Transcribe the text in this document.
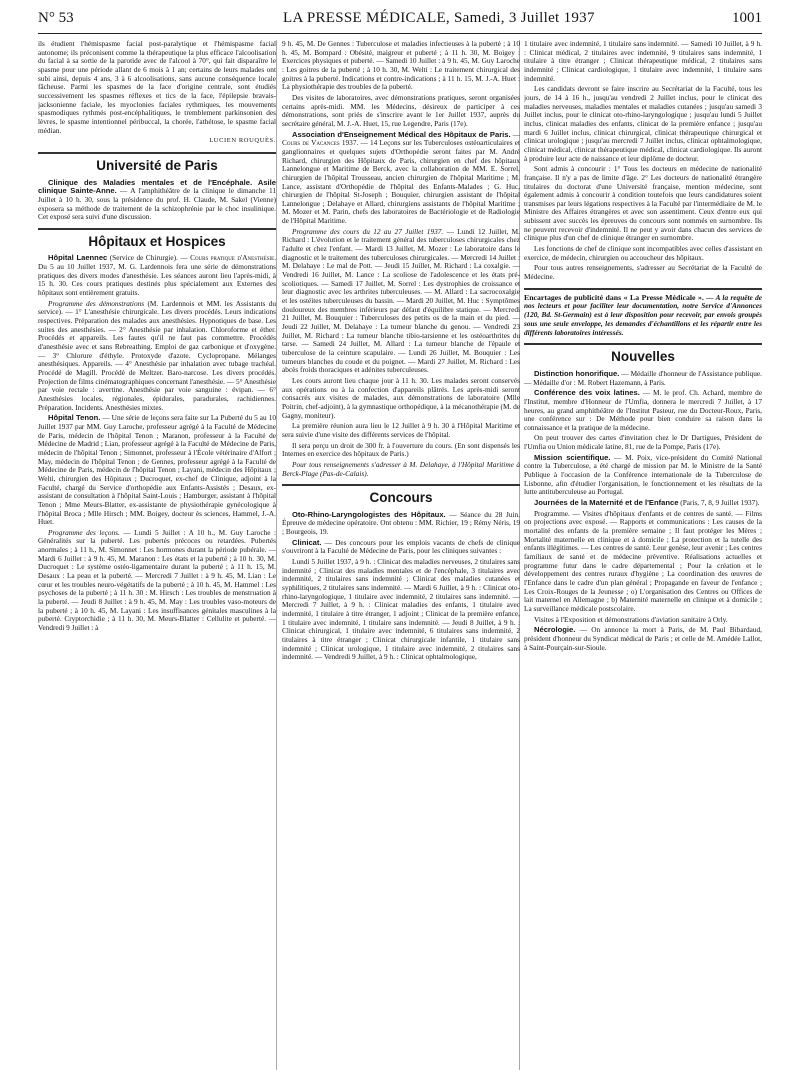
N° 53	LA PRESSE MÉDICALE, Samedi, 3 Juillet 1937	1001

ils étudient l'hémispasme facial post-paralytique et l'hémispasme facial autonome; ils préconisent comme la thérapeutique la plus efficace l'alcoolisation du facial à sa sortie de la parotide avec de l'alcool à 70°, qui fait disparaître le spasme pour une période allant de 6 mois à 1 an; certains de leurs malades ont subi ainsi, depuis 4 ans, 3 à 6 alcoolisations, sans aucune conséquence locale fâcheuse. Parmi les spasmes de la face d'origine centrale, sont étudiés successivement les spasmes réflexes et tics de la face, l'épilepsie bravais-jacksonienne faciale, les myoclonies faciales rythmiques, les mouvements spasmodiques rythmés post-encéphalitiques, le tremblement parkinsonien des lèvres, le spasme intentionnel péribuccal, la chorée, l'athétose, le spasme facial médian.

LUCIEN ROUQUÈS.
Université de Paris

Clinique des Maladies mentales et de l'Encéphale. Asile clinique Sainte-Anne. — A l'amphithéâtre de la clinique le dimanche 11 Juillet à 10 h. 30, sous la présidence du prof. H. Claude, M. Sakel (Vienne) exposera sa méthode de traitement de la schizophrénie par le choc insulinique. Cet exposé sera suivi d'une discussion.

Hôpitaux et Hospices

Hôpital Laennec (Service de Chirurgie). — Cours pratique d'Anesthésie. Du 5 au 10 Juillet 1937, M. G. Lardennois fera une série de démonstrations pratiques des divers modes d'anesthésie. Les séances auront lieu l'après-midi, à 15 h. 30. Ces cours pratiques destinés plus spécialement aux Externes des hôpitaux sont entièrement gratuits.

Programme des démonstrations (M. Lardennois et MM. les Assistants du service). — 1° L'anesthésie chirurgicale. Les divers procédés. Leurs indications respectives. Préparation des malades aux anesthésies. Hypnotiques de base. Les suites des anesthésies. — 2° Anesthésie par inhalation. Chloroforme et éther. Procédés et appareils. Les fautes qu'il ne faut pas commettre. Procédés d'anesthésie avec et sans Rebreathing. Emploi de gaz carbonique et d'oxygène. — 3° Chlorure d'éthyle. Protoxyde d'azote. Cyclopropane. Mélanges anesthésiques. Appareils. — 4° Anesthésie par inhalation avec tubage trachéal. Procédé de Magill. Procédé de Meltzer. Baro-narcose. Les divers procédés. Projection de films cinématographiques concernant l'anesthésie. — 5° Anesthésie par voie rectale : avertine. Anesthésie par voie sanguine : évipan. — 6° Anesthésies locales, régionales, épidurales, paradurales, rachidiennes. Préparation. Incidents. Anesthésies mixtes.

Hôpital Tenon. — Une série de leçons sera faite sur La Puberté du 5 au 10 Juillet 1937 par MM. Guy Laroche, professeur agrégé à la Faculté de Médecine de Paris, médecin de l'hôpital Tenon ; Maranon, professeur à la Faculté de Médecine de Madrid ; Lian, professeur agrégé à la Faculté de Médecine de Paris, médecin de l'hôpital Tenon ; Simonnet, professeur à l'École vétérinaire d'Alfort ; May, médecin de l'hôpital Tenon ; de Gennes, professeur agrégé à la Faculté de Médecine de Paris, médecin de l'hôpital Tenon ; Layani, médecin des Hôpitaux ; Welti, chirurgien des Hôpitaux ; Ducroquet, ex-chef de Clinique, adjoint à la Faculté, chargé du Service d'orthopédie aux Enfants-Assistés ; Desaux, ex-assistant de consultation à l'hôpital Saint-Louis ; Hamburger, assistant à l'hôpital Tenon ; Mme Meurs-Blatter, ex-assistante de physiothérapie gynécologique à l'hôpital Broca ; Mlle Hirsch ; MM. Boigey, docteur ès sciences, Hammel, J.-A. Huet.

Programme des leçons. — Lundi 5 Juillet : A 10 h., M. Guy Laroche : Généralités sur la puberté. Les pubertés précoces ou retardées. Pubertés anormales ; à 11 h., M. Simonnet : Les hormones durant la période pubérale. — Mardi 6 Juillet : à 9 h. 45, M. Maranon : Les états et la puberté ; à 10 h. 30, M. Ducroquet : Le système ostéo-ligamentaire durant la puberté ; à 11 h. 15, M. Desaux : La peau et la puberté. — Mercredi 7 Juillet : à 9 h. 45, M. Lian : Le cœur et les troubles neuro-végétatifs de la puberté ; à 10 h. 45, M. Hammel : Les psychoses de la puberté ; à 11 h. 30 : M. Hirsch : Les troubles de menstruation à la puberté. — Jeudi 8 Juillet : à 9 h. 45, M. May : Les troubles vaso-moteurs de la puberté ; à 10 h. 45, M. Layani : Les insuffisances génitales masculines à la puberté. Cryptorchidie ; à 11 h. 30, M. Meurs-Blatter : Cellulite et puberté. — Vendredi 9 Juillet : à

9 h. 45, M. De Gennes : Tuberculose et maladies infectieuses à la puberté ; à 10 h. 45, M. Bompard : Obésité, maigreur et puberté ; à 11 h. 30, M. Boigey : Exercices physiques et puberté. — Samedi 10 Juillet : à 9 h. 45, M. Guy Laroche : Les goitres de la puberté ; à 10 h. 30, M. Welti : Le traitement chirurgical des goitres à la puberté. Indications et contre-indications ; à 11 h. 15, M. J.-A. Huet : La physiothérapie des troubles de la puberté.

Des visites de laboratoires, avec démonstrations pratiques, seront organisées certains après-midi. MM. les Médecins, désireux de participer à ces démonstrations, sont priés de s'inscrire avant le 1er Juillet 1937, auprès du secrétaire général, M. J.-A. Huet, 15, rue Legendre, Paris (17e).

Association d'Enseignement Médical des Hôpitaux de Paris. — Cours de Vacances 1937. — 14 Leçons sur les Tuberculoses ostéoarticulaires et ganglionnaires et quelques sujets d'Orthopédie seront faites par M. André Richard, chirurgien des Hôpitaux de Paris, chirurgien en chef des hôpitaux Lannelongue et Maritime de Berck, avec la collaboration de MM. E. Sorrel, chirurgien de l'hôpital Trousseau, ancien chirurgien de l'hôpital Maritime ; M. Lance, assistant d'Orthopédie de l'hôpital des Enfants-Malades ; G. Huc, chirurgien de l'hôpital St-Joseph ; Bouquier, chirurgien assistant de l'hôpital Lannelongue ; Delahaye et Allard, chirurgiens assistants de l'hôpital Maritime ; M. Mozer et M. Parin, chefs des laboratoires de Bactériologie et de Radiologie de l'Hôpital Maritime.

Programme des cours du 12 au 27 Juillet 1937. — Lundi 12 Juillet, M. Richard : L'évolution et le traitement général des tuberculoses chirurgicales chez l'adulte et chez l'enfant. — Mardi 13 Juillet, M. Mozer : Le laboratoire dans le diagnostic et le traitement des tuberculoses chirurgicales. — Mercredi 14 Juillet : M. Delahaye : Le mal de Pott. — Jeudi 15 Juillet, M. Richard : La coxalgie. — Vendredi 16 Juillet, M. Lance : La scoliose de l'adolescence et les états pré-scoliotiques. — Samedi 17 Juillet, M. Sorrel : Les dystrophies de croissance et leur diagnostic avec les arthrites tuberculeuses. — M. Allard : La sacrocoxalgie et les ostéites tuberculeuses du bassin. — Mardi 20 Juillet, M. Huc : Symptômes douloureux des membres inférieurs par défaut d'équilibre statique. — Mercredi 21 Juillet, M. Bouquier : Tuberculoses des petits os de la main et du pied. — Jeudi 22 Juillet, M. Delahaye : La tumeur blanche du genou. — Vendredi 23 Juillet, M. Richard : La tumeur blanche tibio-tarsienne et les ostéoarthrites du tarse. — Samedi 24 Juillet, M. Allard : La tumeur blanche de l'épaule et tuberculose de la ceinture scapulaire. — Lundi 26 Juillet, M. Bouquier : Les tumeurs blanches du coude et du poignet. — Mardi 27 Juillet, M. Richard : Les abcès froids thoraciques et adénites tuberculeuses.

Les cours auront lieu chaque jour à 11 h. 30. Les malades seront conservés aux opérations ou à la confection d'appareils plâtrés. Les après-midi seront consacrés aux visites de malades, aux démonstrations de laboratoire (Mlle Poitrin, chef-adjoint), à la gymnastique orthopédique, à la mécanothérapie (M. de Gagny, moniteur).

La première réunion aura lieu le 12 Juillet à 9 h. 30 à l'Hôpital Maritime et sera suivie d'une visite des différents services de l'hôpital.

Il sera perçu un droit de 300 fr. à l'ouverture du cours. (En sont dispensés les Internes en exercice des hôpitaux de Paris.)

Pour tous renseignements s'adresser à M. Delahaye, à l'Hôpital Maritime à Berck-Plage (Pas-de-Calais).

Concours

Oto-Rhino-Laryngologistes des Hôpitaux. — Séance du 28 Juin. Épreuve de médecine opératoire. Ont obtenu : MM. Richier, 19 ; Rémy Néris, 19 ; Bourgeois, 19.

Clinicat. — Des concours pour les emplois vacants de chefs de clinique s'ouvriront à la Faculté de Médecine de Paris, pour les cliniques suivantes :

Lundi 5 Juillet 1937, à 9 h. : Clinicat des maladies nerveuses, 2 titulaires sans indemnité ; Clinicat des maladies mentales et de l'encéphale, 3 titulaires avec indemnité, 2 titulaires sans indemnité ; Clinicat des maladies cutanées et syphilitiques, 2 titulaires sans indemnité. — Mardi 6 Juillet, à 9 h. : Clinicat oto-rhino-laryngologique, 1 titulaire avec indemnité, 2 titulaires sans indemnité. — Mercredi 7 Juillet, à 9 h. : Clinicat maladies des enfants, 1 titulaire avec indemnité, 1 titulaire à titre étranger, 1 adjoint ; Clinicat de la première enfance, 1 titulaire avec indemnité, 1 titulaire sans indemnité. — Jeudi 8 Juillet, à 9 h. : Clinicat chirurgical, 1 titulaire avec indemnité, 6 titulaires sans indemnité, 2 titulaires à titre étranger ; Clinicat chirurgicale infantile, 1 titulaire sans indemnité ; Clinicat urologique, 1 titulaire avec indemnité, 2 titulaires sans indemnité. — Vendredi 9 Juillet, à 9 h. : Clinicat ophtalmologique,

1 titulaire avec indemnité, 1 titulaire sans indemnité. — Samedi 10 Juillet, à 9 h. : Clinicat médical, 2 titulaires avec indemnité, 9 titulaires sans indemnité, 1 titulaire à titre étranger ; Clinicat thérapeutique médical, 2 titulaires sans indemnité ; Clinicat cardiologique, 1 titulaire avec indemnité, 1 titulaire sans indemnité.

Les candidats devront se faire inscrire au Secrétariat de la Faculté, tous les jours, de 14 à 16 h., jusqu'au vendredi 2 Juillet inclus, pour le clinicat des maladies nerveuses, maladies mentales et maladies cutanées ; jusqu'au samedi 3 Juillet inclus, pour le clinicat oto-rhino-laryngologique ; jusqu'au lundi 5 Juillet inclus, clinicat maladies des enfants, clinicat de la première enfance ; jusqu'au mardi 6 Juillet inclus, clinicat chirurgical, clinicat thérapeutique chirurgical et clinicat urologique ; jusqu'au mercredi 7 Juillet inclus, clinicat ophtalmologique, clinicat médical, clinicat thérapeutique médical, clinicat cardiologique. Ils auront à produire leur acte de naissance et leur diplôme de docteur.

Sont admis à concourir : 1° Tous les docteurs en médecine de nationalité française. Il n'y a pas de limite d'âge. 2° Les docteurs de nationalité étrangère titulaires du doctorat d'une Université française, mention médecine, sont également admis à concourir à condition toutefois que leurs candidatures soient transmises par leurs légations respectives à la Faculté par l'intermédiaire de M. le Ministre des Affaires étrangères et avec son assentiment. Ceux d'entre eux qui subissent avec succès les épreuves du concours sont nommés en surnombre. Ils ne peuvent recevoir d'indemnité. Il ne peut y avoir dans chacun des services de clinique plus d'un chef de clinique étranger en surnombre.

Les fonctions de chef de clinique sont incompatibles avec celles d'assistant en exercice, de médecin, chirurgien ou accoucheur des hôpitaux.

Pour tous autres renseignements, s'adresser au Secrétariat de la Faculté de Médecine.

Encartages de publicité dans « La Presse Médicale ». — A la requête de nos lecteurs et pour faciliter leur documentation, notre Service d'Annonces (120, Bd. St-Germain) est à leur disposition pour recevoir, par envois groupés sous une seule enveloppe, les demandes d'échantillons et les répartir entre les différents laboratoires intéressés.

Nouvelles

Distinction honorifique. — Médaille d'honneur de l'Assistance publique. — Médaille d'or : M. Robert Hazemann, à Paris.

Conférence des voix latines. — M. le prof. Ch. Achard, membre de l'Institut, membre d'Honneur de l'Umfia, donnera le mercredi 7 Juillet, à 17 heures, au grand amphithéâtre de l'Institut Pasteur, rue du Docteur-Roux, Paris, une conférence sur : De Méthode pour bien conduire sa raison dans la connaissance et la pratique de la médecine.

On peut trouver des cartes d'invitation chez le Dr Dartigues, Président de l'Umfia ou Union médicale latine, 81, rue de la Pompe, Paris (17e).

Mission scientifique. — M. Poix, vice-président du Comité National contre la Tuberculose, a été chargé de mission par M. le Ministre de la Santé Publique à l'occasion de la Conférence internationale de la Tuberculose de Lisbonne, afin d'étudier l'organisation, le fonctionnement et les résultats de la lutte antituberculeuse au Portugal.

Journées de la Maternité et de l'Enfance (Paris, 7, 8, 9 Juillet 1937).

Programme. — Visites d'hôpitaux d'enfants et de centres de santé. — Films on projections avec exposé. — Rapports et communications : Les causes de la mortalité des enfants de la première semaine ; Il faut protéger les Mères ; Mortalité maternelle en clinique et à domicile ; La protection et la tutelle des enfants illégitimes. — Les centres de santé. Leur genèse, leur avenir ; Les centres familiaux de santé et de médecine préventive. Réalisations actuelles et programme futur dans le cadre départemental ; Pour la création et le développement des centres ruraux d'hygiène ; La coordination des œuvres de l'Enfance dans le cadre d'un plan général ; Propagande en faveur de l'enfance ; Les Croix-Rouges de la Jeunesse ; o) L'organisation des Centres ou Offices de lait maternel en Allemagne ; b) Maternité maternelle en clinique et à domicile ; La surveillance médicale postscolaire.

Visites à l'Exposition et démonstrations d'aviation sanitaire à Orly.

Nécrologie. — On annonce la mort à Paris, de M. Paul Bibardaud, président d'honneur du Syndicat médical de Paris ; et celle de M. Amédée Lallot, à Saint-Pourçain-sur-Sioule.
